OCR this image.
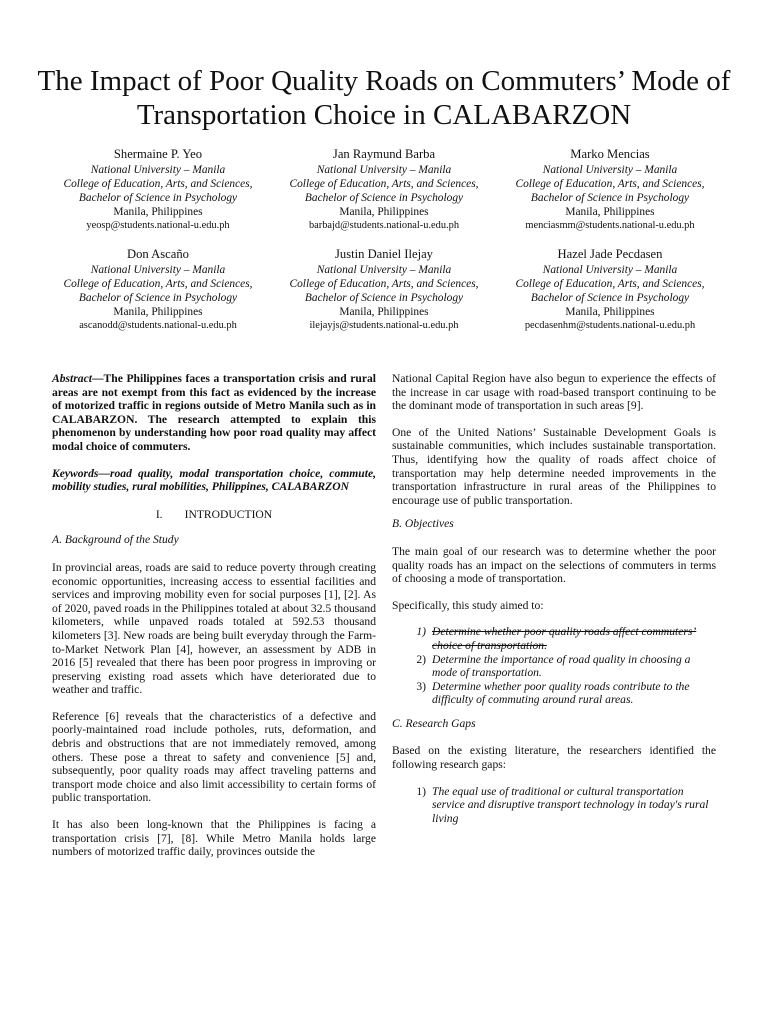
The Impact of Poor Quality Roads on Commuters’ Mode of Transportation Choice in CALABARZON
Shermaine P. Yeo
National University – Manila
College of Education, Arts, and Sciences, Bachelor of Science in Psychology
Manila, Philippines
yeosp@students.national-u.edu.ph
Jan Raymund Barba
National University – Manila
College of Education, Arts, and Sciences, Bachelor of Science in Psychology
Manila, Philippines
barbajd@students.national-u.edu.ph
Marko Mencias
National University – Manila
College of Education, Arts, and Sciences, Bachelor of Science in Psychology
Manila, Philippines
menciasmm@students.national-u.edu.ph
Don Ascaño
National University – Manila
College of Education, Arts, and Sciences, Bachelor of Science in Psychology
Manila, Philippines
ascanodd@students.national-u.edu.ph
Justin Daniel Ilejay
National University – Manila
College of Education, Arts, and Sciences, Bachelor of Science in Psychology
Manila, Philippines
ilejayjs@students.national-u.edu.ph
Hazel Jade Pecdasen
National University – Manila
College of Education, Arts, and Sciences, Bachelor of Science in Psychology
Manila, Philippines
pecdasenhm@students.national-u.edu.ph

Abstract—The Philippines faces a transportation crisis and rural areas are not exempt from this fact as evidenced by the increase of motorized traffic in regions outside of Metro Manila such as in CALABARZON. The research attempted to explain this phenomenon by understanding how poor road quality may affect modal choice of commuters.

Keywords—road quality, modal transportation choice, commute, mobility studies, rural mobilities, Philippines, CALABARZON

I. INTRODUCTION
A. Background of the Study

In provincial areas, roads are said to reduce poverty through creating economic opportunities, increasing access to essential facilities and services and improving mobility even for social purposes [1], [2]. As of 2020, paved roads in the Philippines totaled at about 32.5 thousand kilometers, while unpaved roads totaled at 592.53 thousand kilometers [3]. New roads are being built everyday through the Farm-to-Market Network Plan [4], however, an assessment by ADB in 2016 [5] revealed that there has been poor progress in improving or preserving existing road assets which have deteriorated due to weather and traffic.

Reference [6] reveals that the characteristics of a defective and poorly-maintained road include potholes, ruts, deformation, and debris and obstructions that are not immediately removed, among others. These pose a threat to safety and convenience [5] and, subsequently, poor quality roads may affect traveling patterns and transport mode choice and also limit accessibility to certain forms of public transportation.

It has also been long-known that the Philippines is facing a transportation crisis [7], [8]. While Metro Manila holds large numbers of motorized traffic daily, provinces outside the

National Capital Region have also begun to experience the effects of the increase in car usage with road-based transport continuing to be the dominant mode of transportation in such areas [9].

One of the United Nations’ Sustainable Development Goals is sustainable communities, which includes sustainable transportation. Thus, identifying how the quality of roads affect choice of transportation may help determine needed improvements in the transportation infrastructure in rural areas of the Philippines to encourage use of public transportation.

B. Objectives

The main goal of our research was to determine whether the poor quality roads has an impact on the selections of commuters in terms of choosing a mode of transportation.

Specifically, this study aimed to:

1) Determine whether poor quality roads affect commuters’ choice of transportation.
2) Determine the importance of road quality in choosing a mode of transportation.
3) Determine whether poor quality roads contribute to the difficulty of commuting around rural areas.
C. Research Gaps

Based on the existing literature, the researchers identified the following research gaps:

1) The equal use of traditional or cultural transportation service and disruptive transport technology in today's rural living
